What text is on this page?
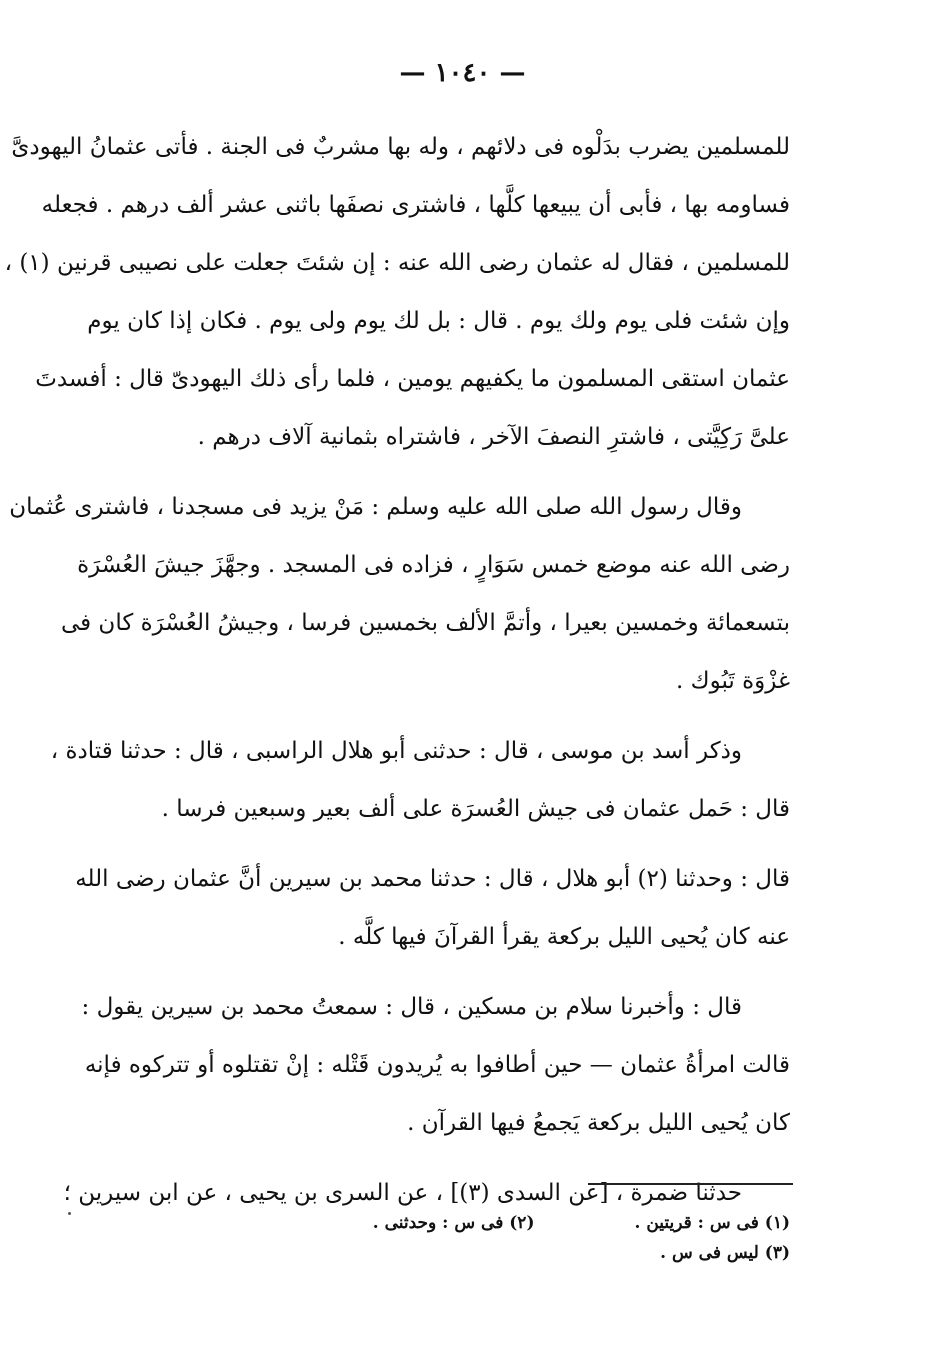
— ١٠٤٠ —
للمسلمين يضرب بدَلْوه فى دلائهم ، وله بها مشربٌ فى الجنة . فأتى عثمانُ اليهودىَّ
فساومه بها ، فأبى أن يبيعها كلَّها ، فاشترى نصفَها باثنى عشر ألف درهم . فجعله
للمسلمين ، فقال له عثمان رضى الله عنه : إن شئتَ جعلت على نصيبى قرنين (١) ،
وإن شئت فلى يوم ولك يوم . قال : بل لك يوم ولى يوم . فكان إذا كان يوم
عثمان استقى المسلمون ما يكفيهم يومين ، فلما رأى ذلك اليهودىّ قال : أفسدتَ
علىَّ رَكِيَّتى ، فاشترِ النصفَ الآخر ، فاشتراه بثمانية آلاف درهم .
وقال رسول الله صلى الله عليه وسلم : مَنْ يزيد فى مسجدنا ، فاشترى عُثمان
رضى الله عنه موضع خمس سَوَارٍ ، فزاده فى المسجد . وجهَّزَ جيشَ العُسْرَة
بتسعمائة وخمسين بعيرا ، وأتمَّ الألف بخمسين فرسا ، وجيشُ العُسْرَة كان فى
غزْوَة تَبُوك .
وذكر أسد بن موسى ، قال : حدثنى أبو هلال الراسبى ، قال : حدثنا قتادة ،
قال : حَمل عثمان فى جيش العُسرَة على ألف بعير وسبعين فرسا .
قال : وحدثنا (٢) أبو هلال ، قال : حدثنا محمد بن سيرين أنَّ عثمان رضى الله
عنه كان يُحيى الليل بركعة يقرأ القرآنَ فيها كلَّه .
قال : وأخبرنا سلام بن مسكين ، قال : سمعتُ محمد بن سيرين يقول :
قالت امرأةُ عثمان — حين أطافوا به يُريدون قَتْله : إنْ تقتلوه أو تتركوه فإنه
كان يُحيى الليل بركعة يَجمعُ فيها القرآن .
حدثنا ضمرة ، [عن السدى (٣)] ، عن السرى بن يحيى ، عن ابن سيرين ؛
(١) فى س : قريتين .
(٢) فى س : وحدثنى .
(٣) ليس فى س .
